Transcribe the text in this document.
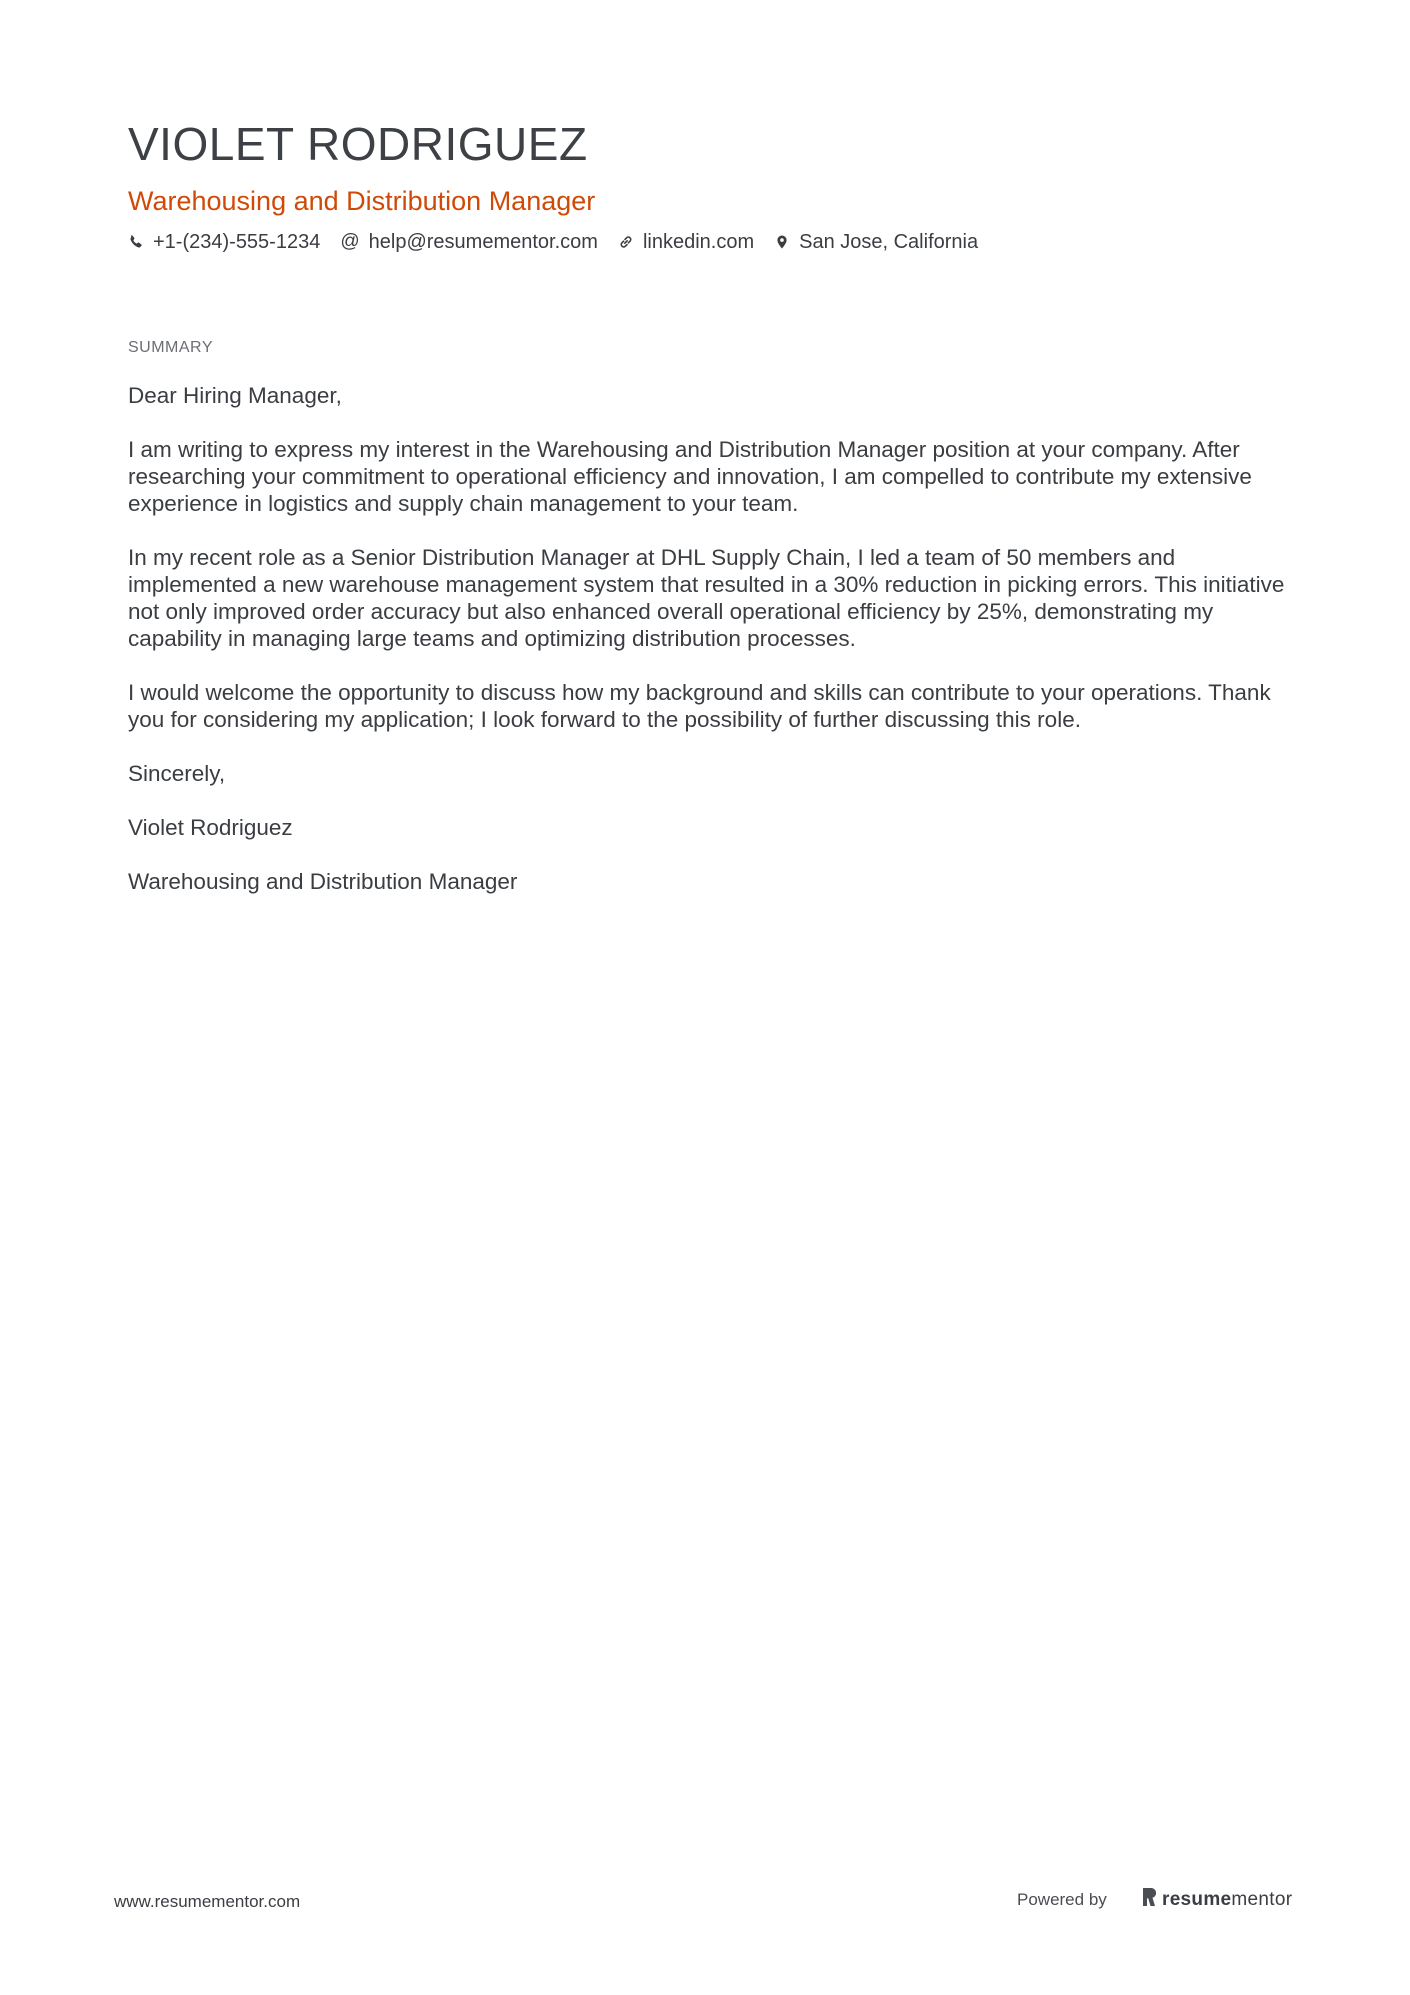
VIOLET RODRIGUEZ
Warehousing and Distribution Manager
+1-(234)-555-1234 @ help@resumementor.com linkedin.com San Jose, California
SUMMARY

Dear Hiring Manager,

I am writing to express my interest in the Warehousing and Distribution Manager position at your company. After researching your commitment to operational efficiency and innovation, I am compelled to contribute my extensive experience in logistics and supply chain management to your team.

In my recent role as a Senior Distribution Manager at DHL Supply Chain, I led a team of 50 members and implemented a new warehouse management system that resulted in a 30% reduction in picking errors. This initiative not only improved order accuracy but also enhanced overall operational efficiency by 25%, demonstrating my capability in managing large teams and optimizing distribution processes.

I would welcome the opportunity to discuss how my background and skills can contribute to your operations. Thank you for considering my application; I look forward to the possibility of further discussing this role.

Sincerely,

Violet Rodriguez

Warehousing and Distribution Manager

www.resumementor.com	Powered by	resume mentor
